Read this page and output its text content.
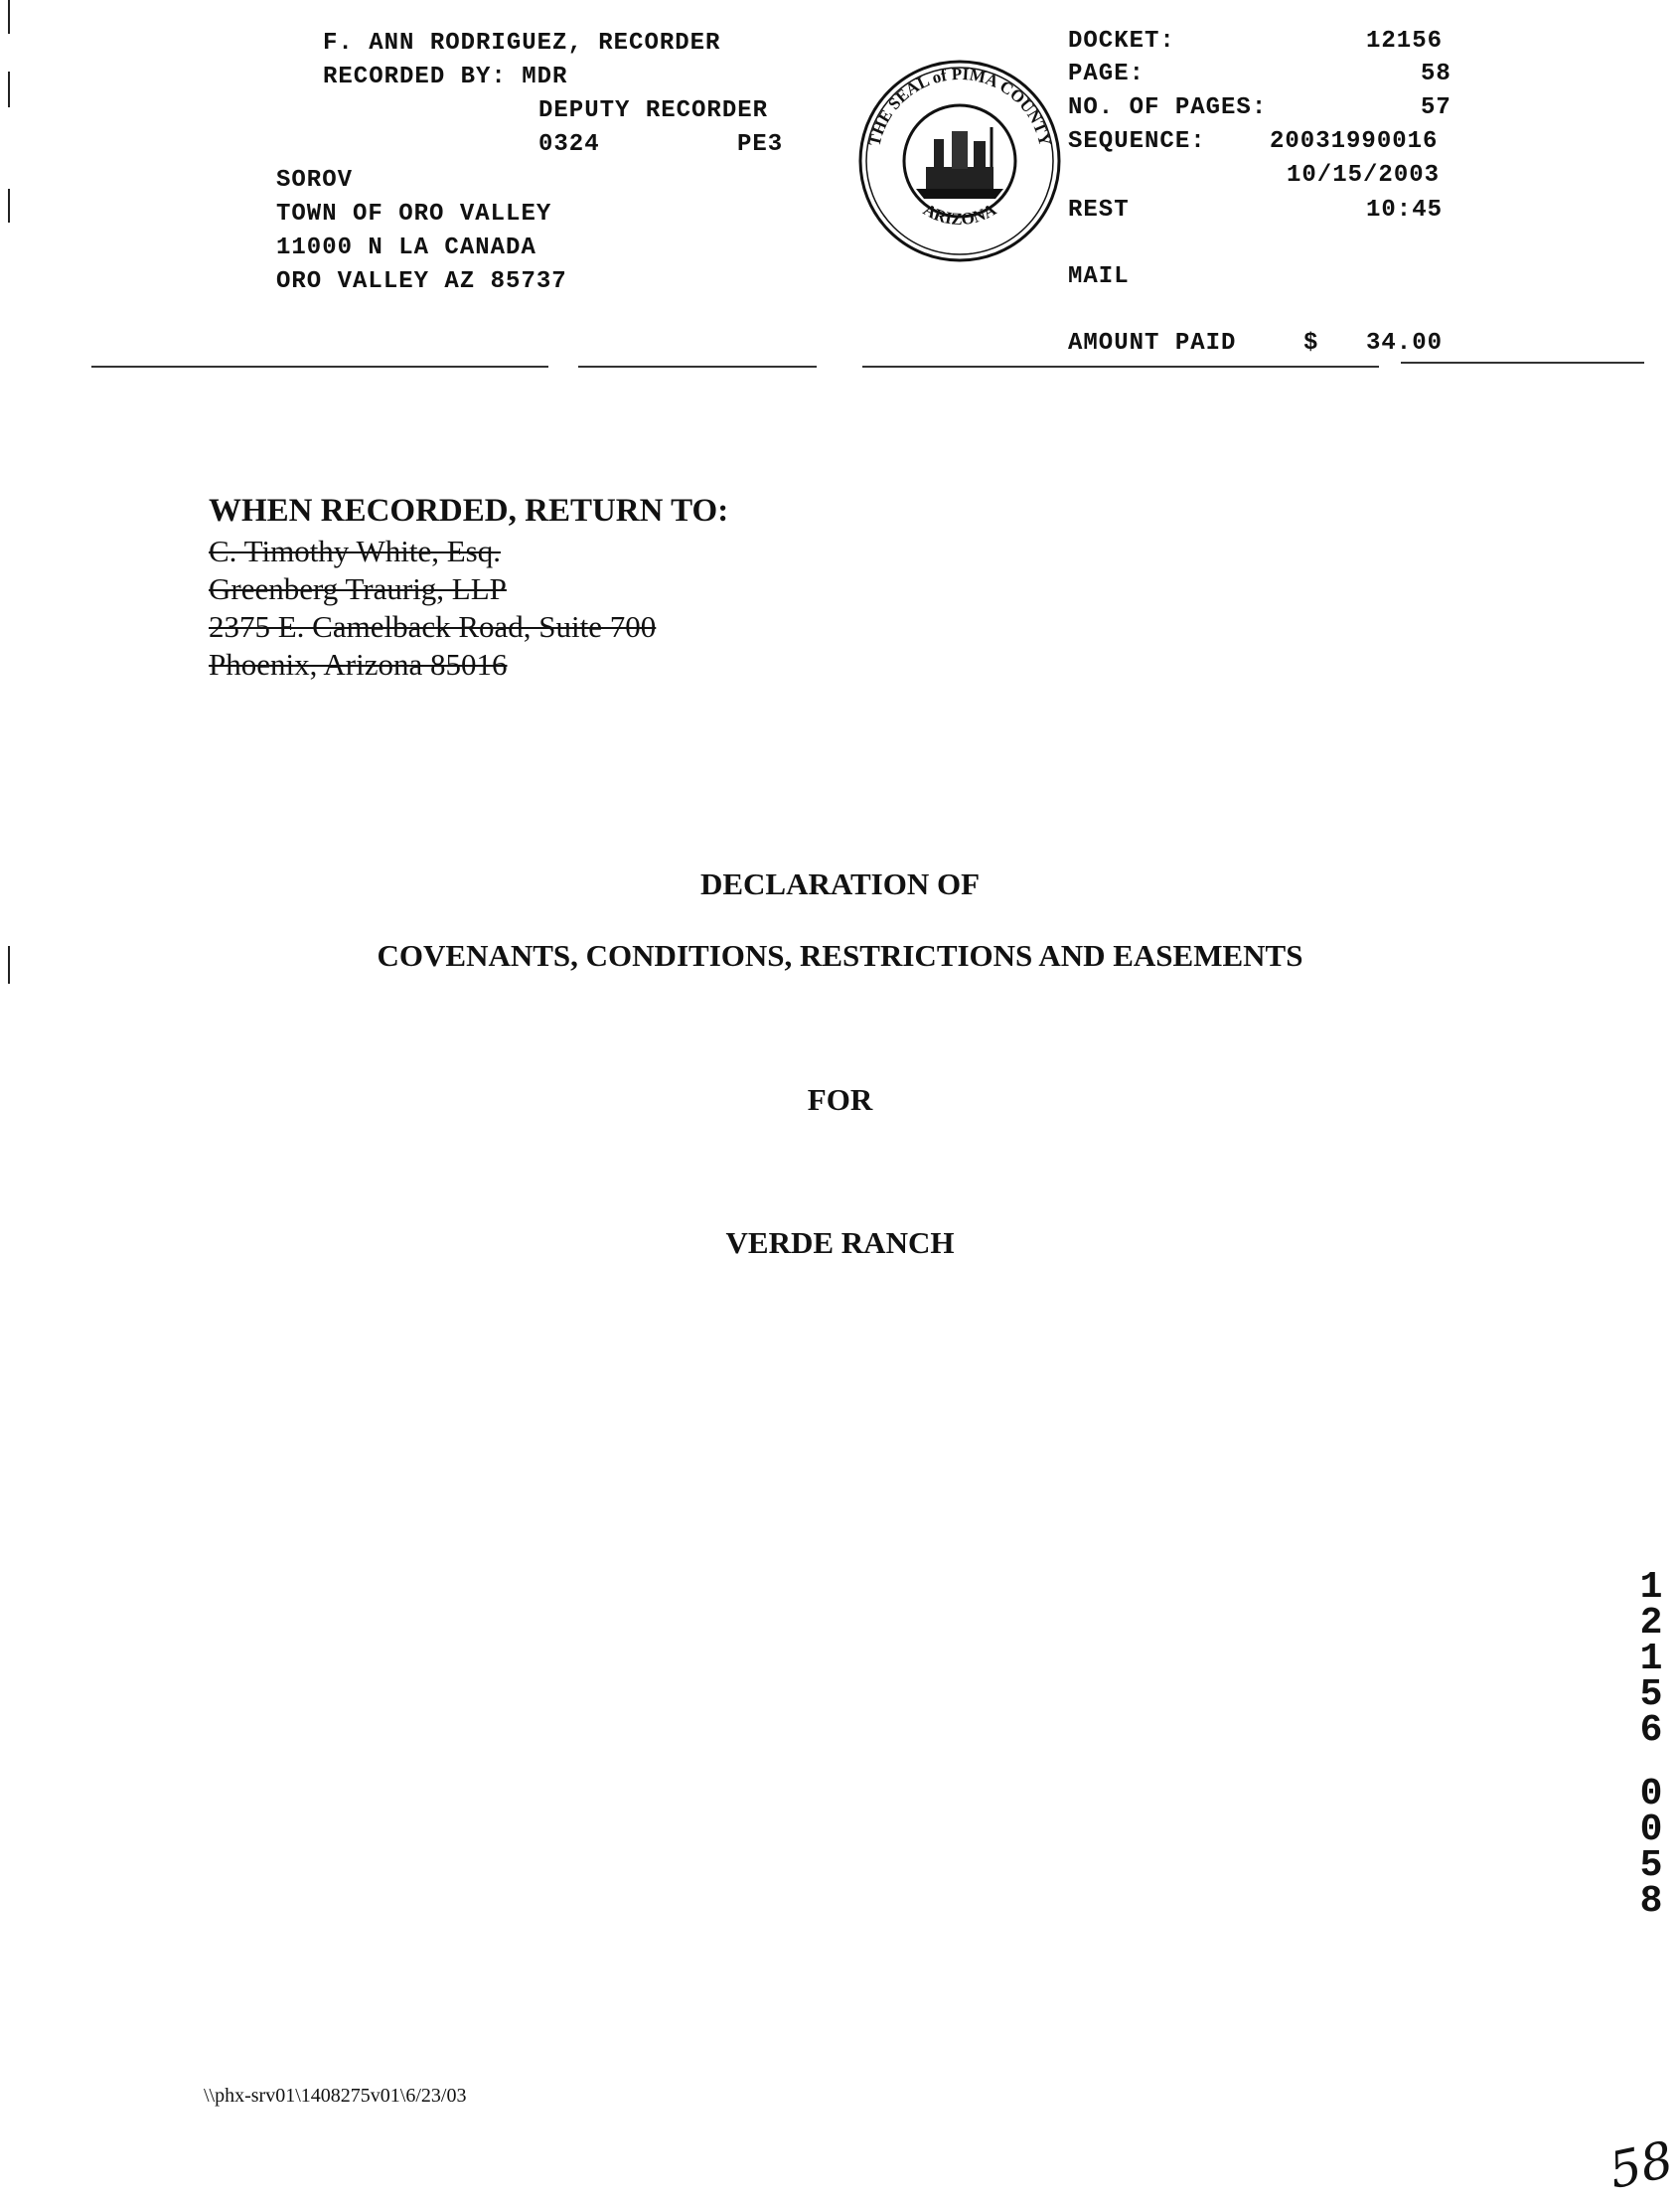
F. ANN RODRIGUEZ, RECORDER
RECORDED BY: MDR
DEPUTY RECORDER
0324	PE3
SOROV
TOWN OF ORO VALLEY
11000 N LA CANADA
ORO VALLEY AZ 85737
THE SEAL of PIMA COUNTY
ARIZONA
DOCKET:	12156
PAGE:	58
NO. OF PAGES:	57
SEQUENCE:	20031990016
10/15/2003
REST	10:45
MAIL
AMOUNT PAID	$ 34.00
WHEN RECORDED, RETURN TO:
C. Timothy White, Esq.
Greenberg Traurig, LLP
2375 E. Camelback Road, Suite 700
Phoenix, Arizona 85016
DECLARATION OF
COVENANTS, CONDITIONS, RESTRICTIONS AND EASEMENTS
FOR
VERDE RANCH
1
2
1
5
6
0
0
5
8
\\phx-srv01\1408275v01\6/23/03
58
